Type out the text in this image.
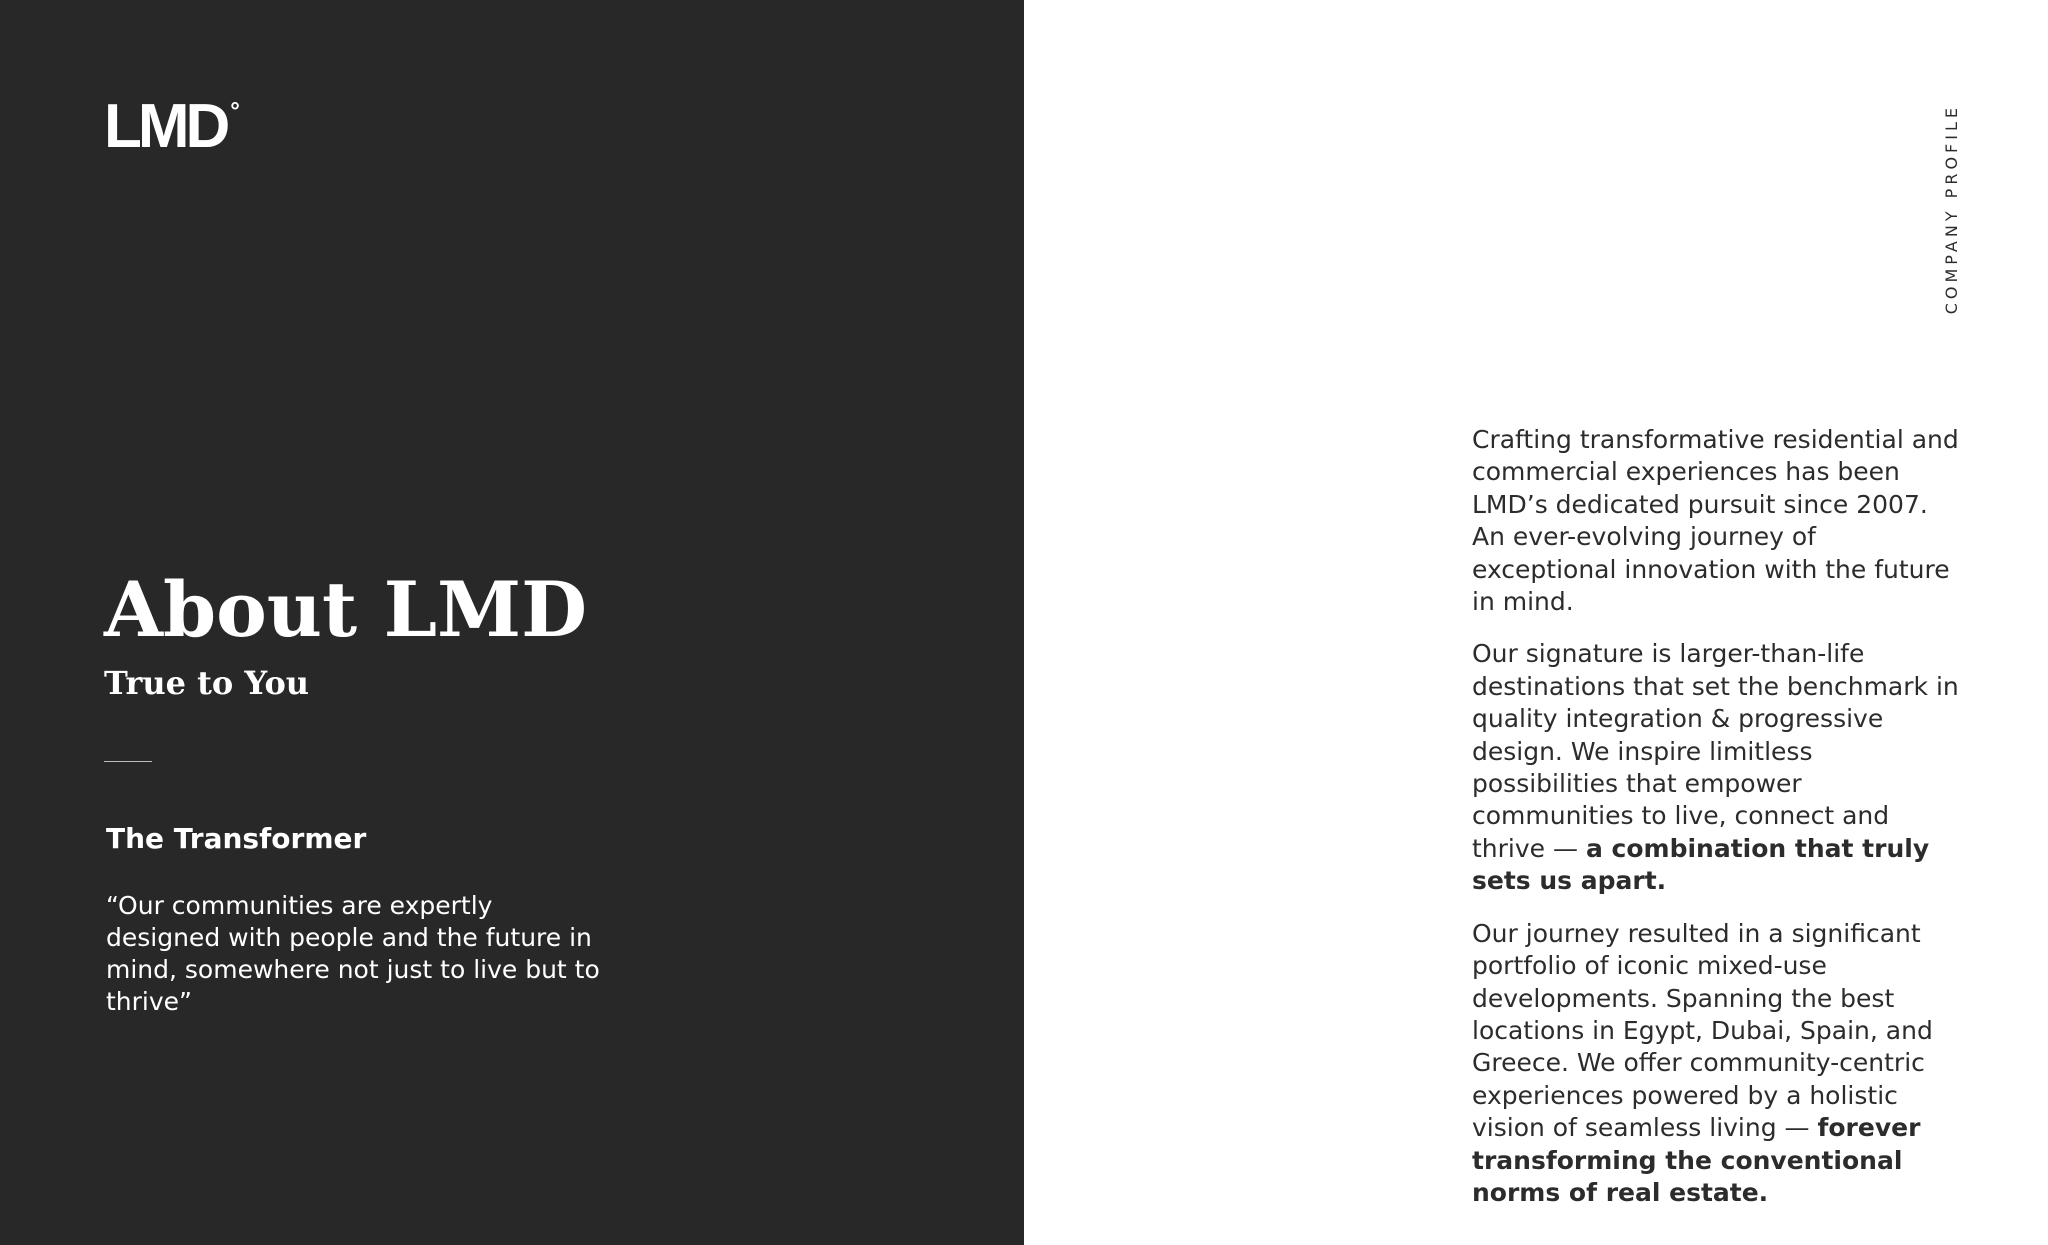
LMD °
About LMD
True to You
The Transformer

“Our communities are expertly designed with people and the future in mind, somewhere not just to live but to thrive”

COMPANY PROFILE

Crafting transformative residential and commercial experiences has been LMD’s dedicated pursuit since 2007. An ever-evolving journey of exceptional innovation with the future in mind.

Our signature is larger-than-life destinations that set the benchmark in quality integration & progressive design. We inspire limitless possibilities that empower communities to live, connect and thrive — a combination that truly sets us apart.

Our journey resulted in a significant portfolio of iconic mixed-use developments. Spanning the best locations in Egypt, Dubai, Spain, and Greece. We offer community-centric experiences powered by a holistic vision of seamless living — forever transforming the conventional norms of real estate.
